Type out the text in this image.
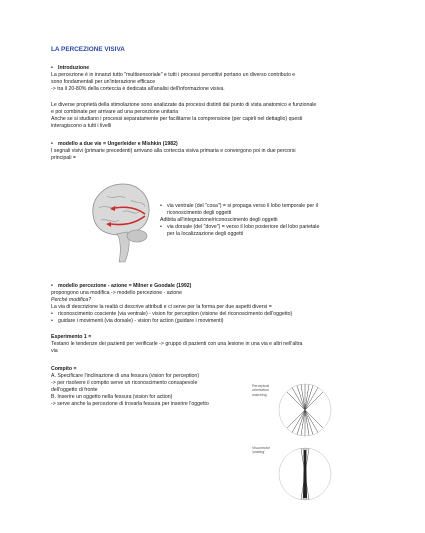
LA PERCEZIONE VISIVA
• Introduzione
La percezione è in innanzi tutto "multisensoriale" e tutti i processi percettivi portano un diverso contributo e
sono fondamentali per un'interazione efficace
-> tra il 20-80% della corteccia è dedicata all'analisi dell'informazione visiva.
Le diverse proprietà della stimolazione sono analizzate da processi distinti dal punto di vista anatomico e funzionale
e poi combinate per arrivare ad una percezione unitaria
Anche se si studiano i processi separatamente per facilitarne la comprensione (per capirli nel dettaglio) questi
interagiscono a tutti i livelli
• modello a due vie = Ungerleider e Mishkin (1982)
I segnali visivi (primarie precedenti) arrivano alla corteccia visiva primaria e convergono poi in due percorsi
principali =
• via ventrale (del "cosa") = si propaga verso il lobo temporale per il
riconoscimento degli oggetti
Adibita all'integrazione/riconoscimento degli oggetti
• via dorsale (del "dove") = verso il lobo posteriore del lobo parietale
per la localizzazione degli oggetti
• modello percezione - azione = Milner e Goodale (1992)
propongono una modifica -> modello percezione - azione
Perché modifica?
La via di descrizione la realtà ci descrive attributi e ci serve per la forma per due aspetti diversi =
• riconoscimento cosciente (via ventrale) - vision for perception (visione del riconoscimento dell'oggetto)
• guidare i movimenti (via dorsale) - vision for action (guidare i movimenti)
Esperimento 1 =
Testano le tendenze dei pazienti per verificarle -> gruppo di pazienti con una lesione in una via e altri nell'altra
via
Compito =
A. Specificare l'inclinazione di una fessura (vision for perception)
-> per risolvere il compito serve un riconoscimento consapevole
dell'oggetto di fronte
B. Inserire un oggetto nella fessura (vision for action)
-> serve anche la percezione di trovarla fessura per inserire l'oggetto
Perceptual
orientation
matching
Visuomotor
'posting'
